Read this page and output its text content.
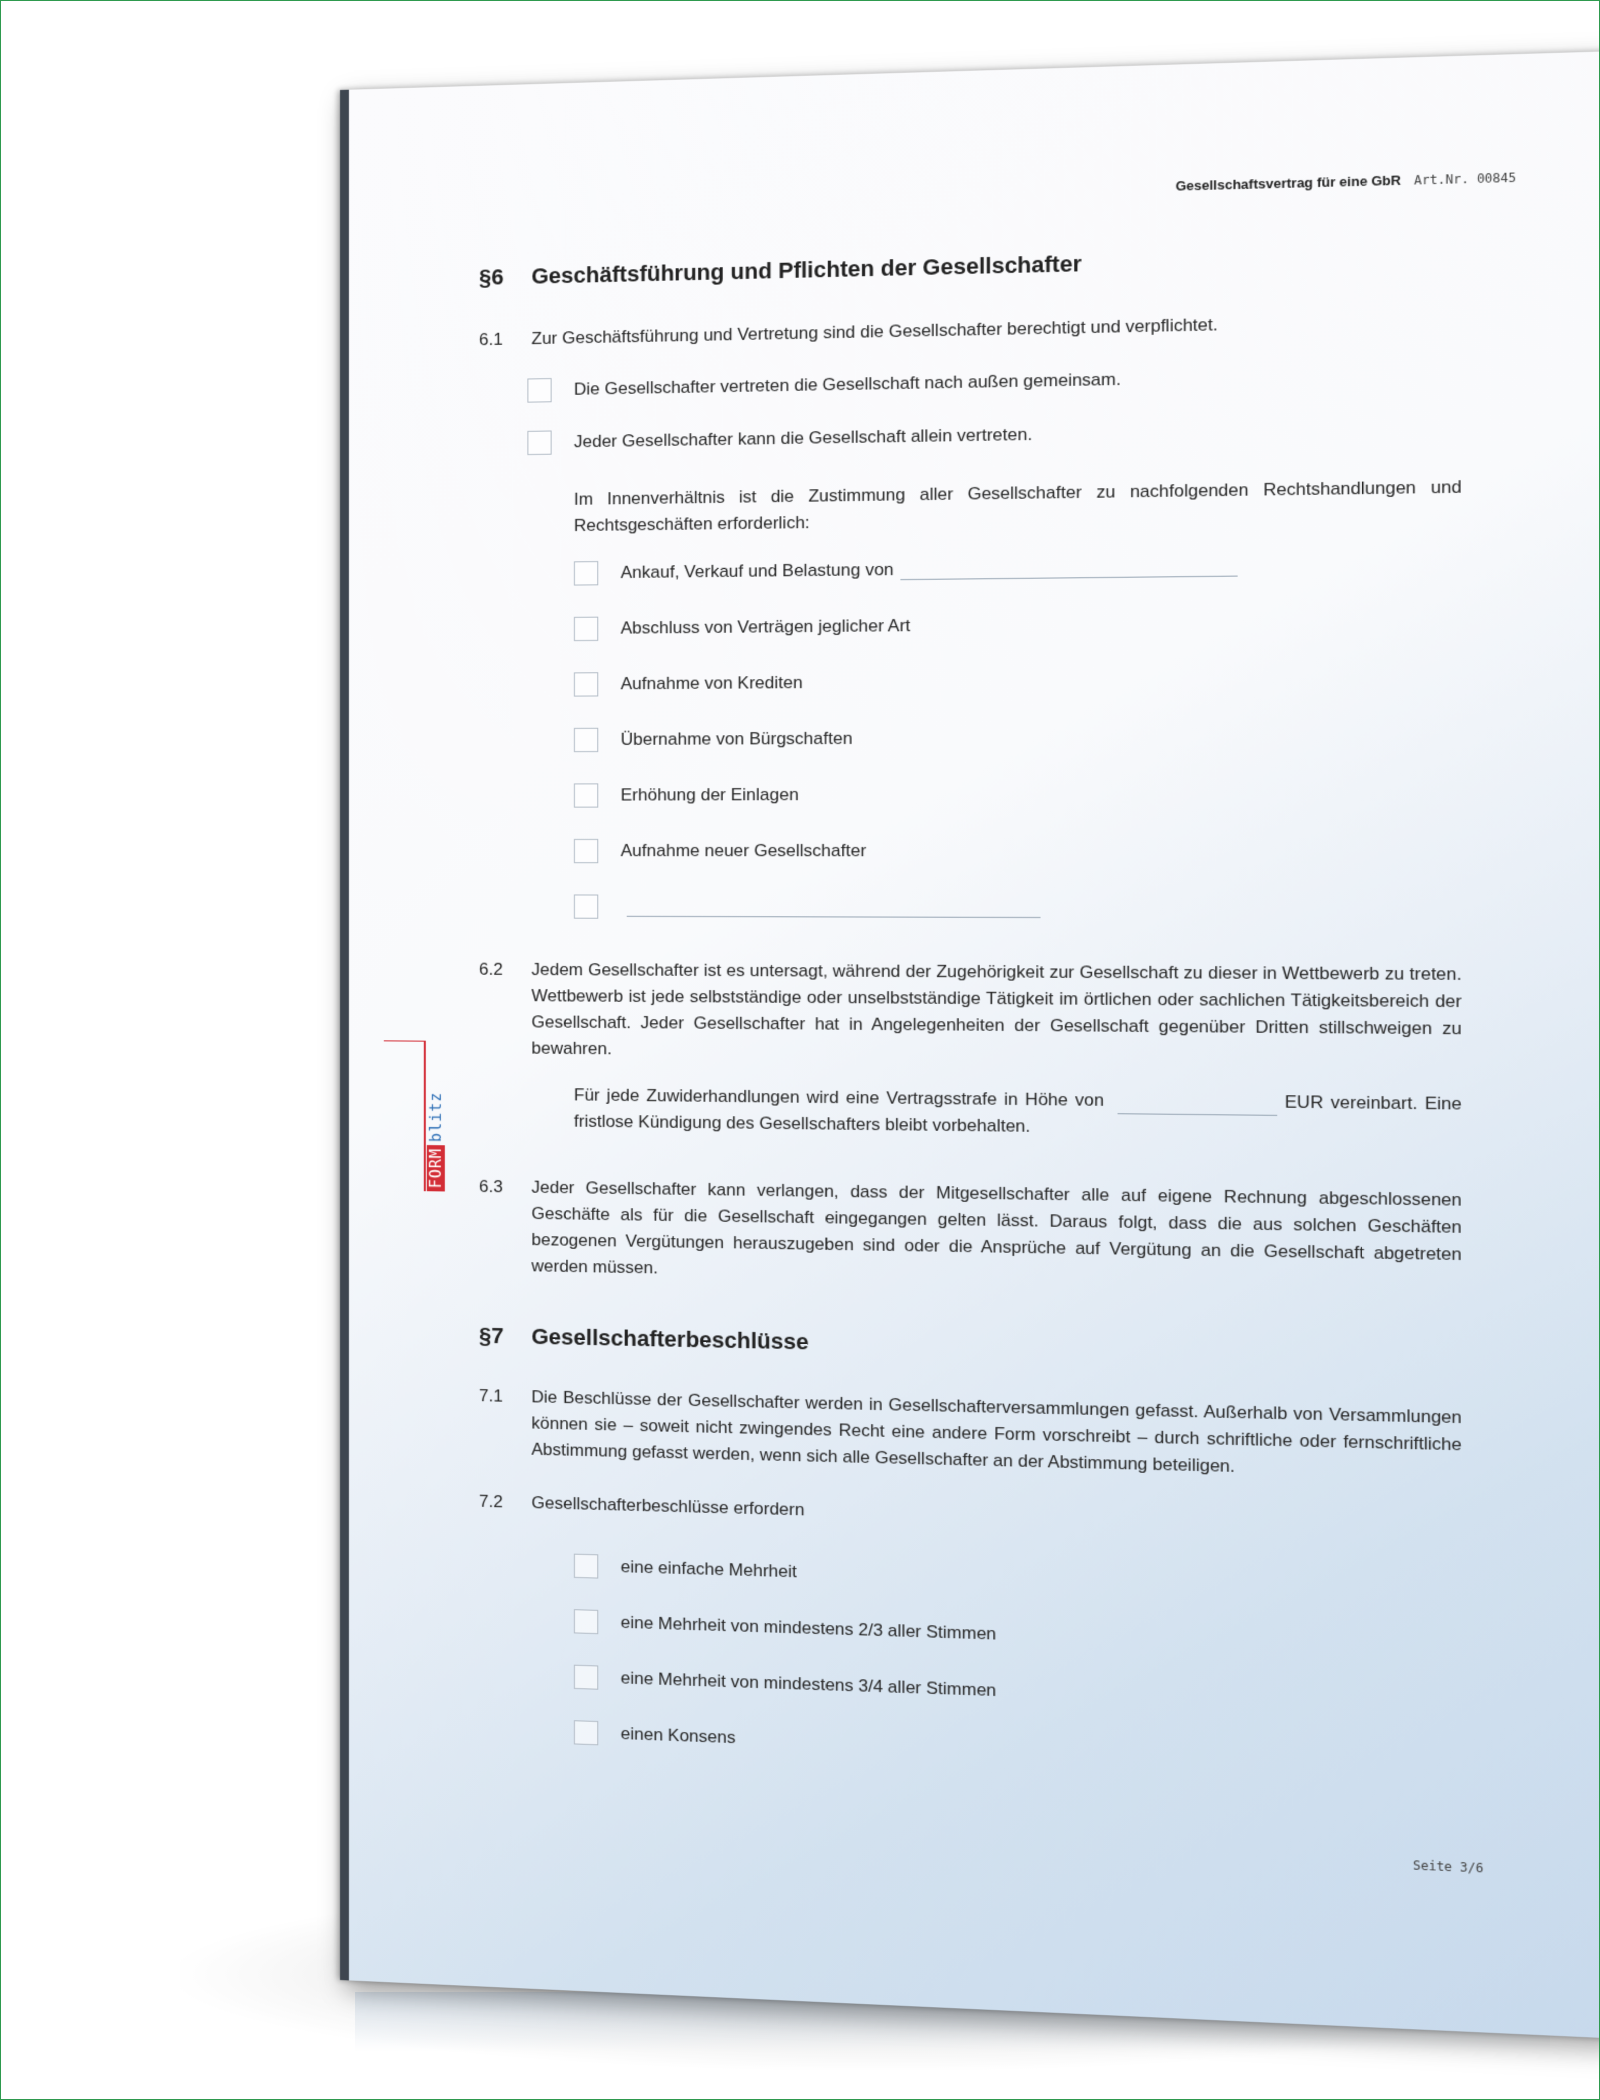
Gesellschaftsvertrag für eine GbR Art.Nr. 00845
FORMblitz
§6 Geschäftsführung und Pflichten der Gesellschafter
6.1 Zur Geschäftsführung und Vertretung sind die Gesellschafter berechtigt und verpflichtet.
Die Gesellschafter vertreten die Gesellschaft nach außen gemeinsam.
Jeder Gesellschafter kann die Gesellschaft allein vertreten.
Im Innenverhältnis ist die Zustimmung aller Gesellschafter zu nachfolgenden Rechtshandlungen und Rechtsgeschäften erforderlich:
Ankauf, Verkauf und Belastung von
Abschluss von Verträgen jeglicher Art
Aufnahme von Krediten
Übernahme von Bürgschaften
Erhöhung der Einlagen
Aufnahme neuer Gesellschafter
6.2 Jedem Gesellschafter ist es untersagt, während der Zugehörigkeit zur Gesellschaft zu dieser in Wettbewerb zu treten. Wettbewerb ist jede selbstständige oder unselbstständige Tätigkeit im örtlichen oder sachlichen Tätigkeitsbereich der Gesellschaft. Jeder Gesellschafter hat in Angelegenheiten der Gesellschaft gegenüber Dritten stillschweigen zu bewahren.
Für jede Zuwiderhandlungen wird eine Vertragsstrafe in Höhe von	EUR vereinbart. Eine fristlose Kündigung des Gesellschafters bleibt vorbehalten.
6.3 Jeder Gesellschafter kann verlangen, dass der Mitgesellschafter alle auf eigene Rechnung abgeschlossenen Geschäfte als für die Gesellschaft eingegangen gelten lässt. Daraus folgt, dass die aus solchen Geschäften bezogenen Vergütungen herauszugeben sind oder die Ansprüche auf Vergütung an die Gesellschaft abgetreten werden müssen.
§7 Gesellschafterbeschlüsse
7.1 Die Beschlüsse der Gesellschafter werden in Gesellschafterversammlungen gefasst. Außerhalb von Versammlungen können sie – soweit nicht zwingendes Recht eine andere Form vorschreibt – durch schriftliche oder fernschriftliche Abstimmung gefasst werden, wenn sich alle Gesellschafter an der Abstimmung beteiligen.
7.2 Gesellschafterbeschlüsse erfordern
eine einfache Mehrheit
eine Mehrheit von mindestens 2/3 aller Stimmen
eine Mehrheit von mindestens 3/4 aller Stimmen
einen Konsens
Seite 3/6
